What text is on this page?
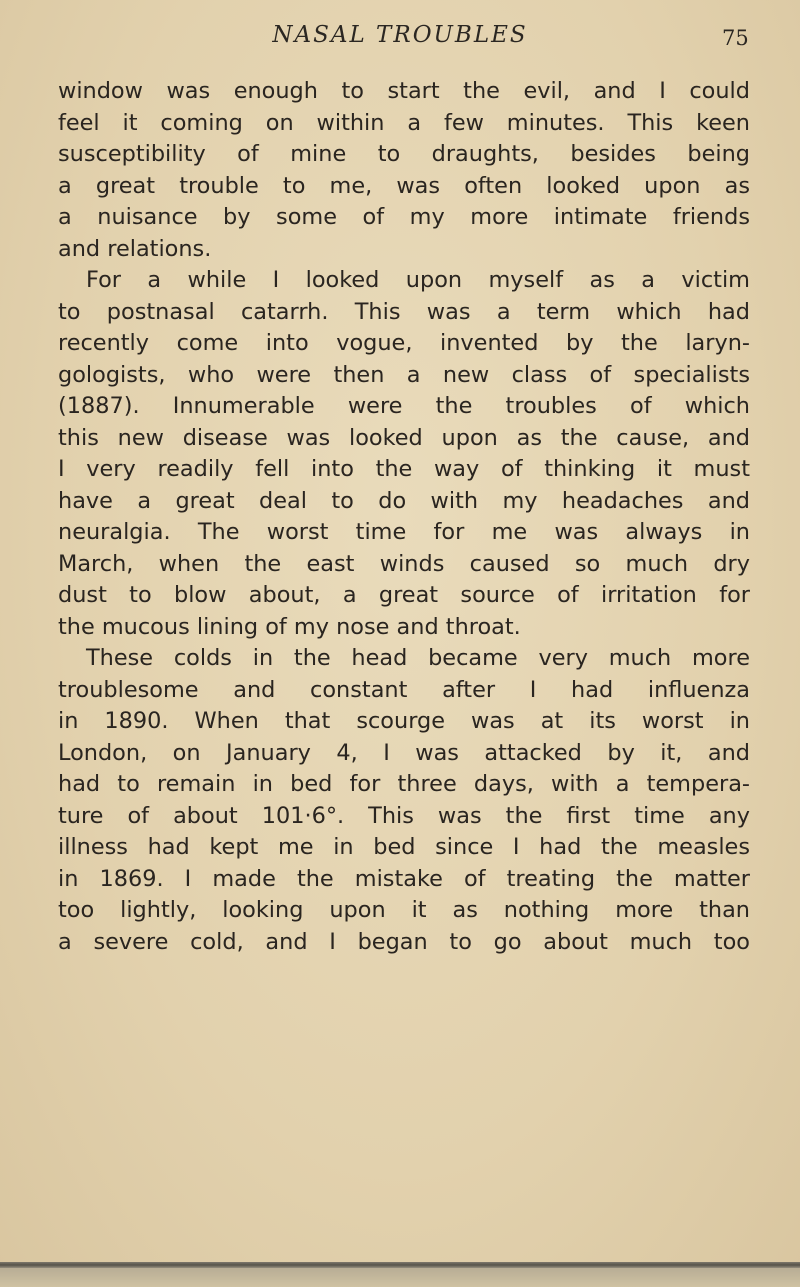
NASAL TROUBLES	75
window was enough to start the evil, and I could
feel it coming on within a few minutes. This keen
susceptibility of mine to draughts, besides being
a great trouble to me, was often looked upon as
a nuisance by some of my more intimate friends
and relations.
For a while I looked upon myself as a victim
to postnasal catarrh. This was a term which had
recently come into vogue, invented by the laryn-
gologists, who were then a new class of specialists
(1887). Innumerable were the troubles of which
this new disease was looked upon as the cause, and
I very readily fell into the way of thinking it must
have a great deal to do with my headaches and
neuralgia. The worst time for me was always in
March, when the east winds caused so much dry
dust to blow about, a great source of irritation for
the mucous lining of my nose and throat.
These colds in the head became very much more
troublesome and constant after I had influenza
in 1890. When that scourge was at its worst in
London, on January 4, I was attacked by it, and
had to remain in bed for three days, with a tempera-
ture of about 101·6°. This was the first time any
illness had kept me in bed since I had the measles
in 1869. I made the mistake of treating the matter
too lightly, looking upon it as nothing more than
a severe cold, and I began to go about much too
